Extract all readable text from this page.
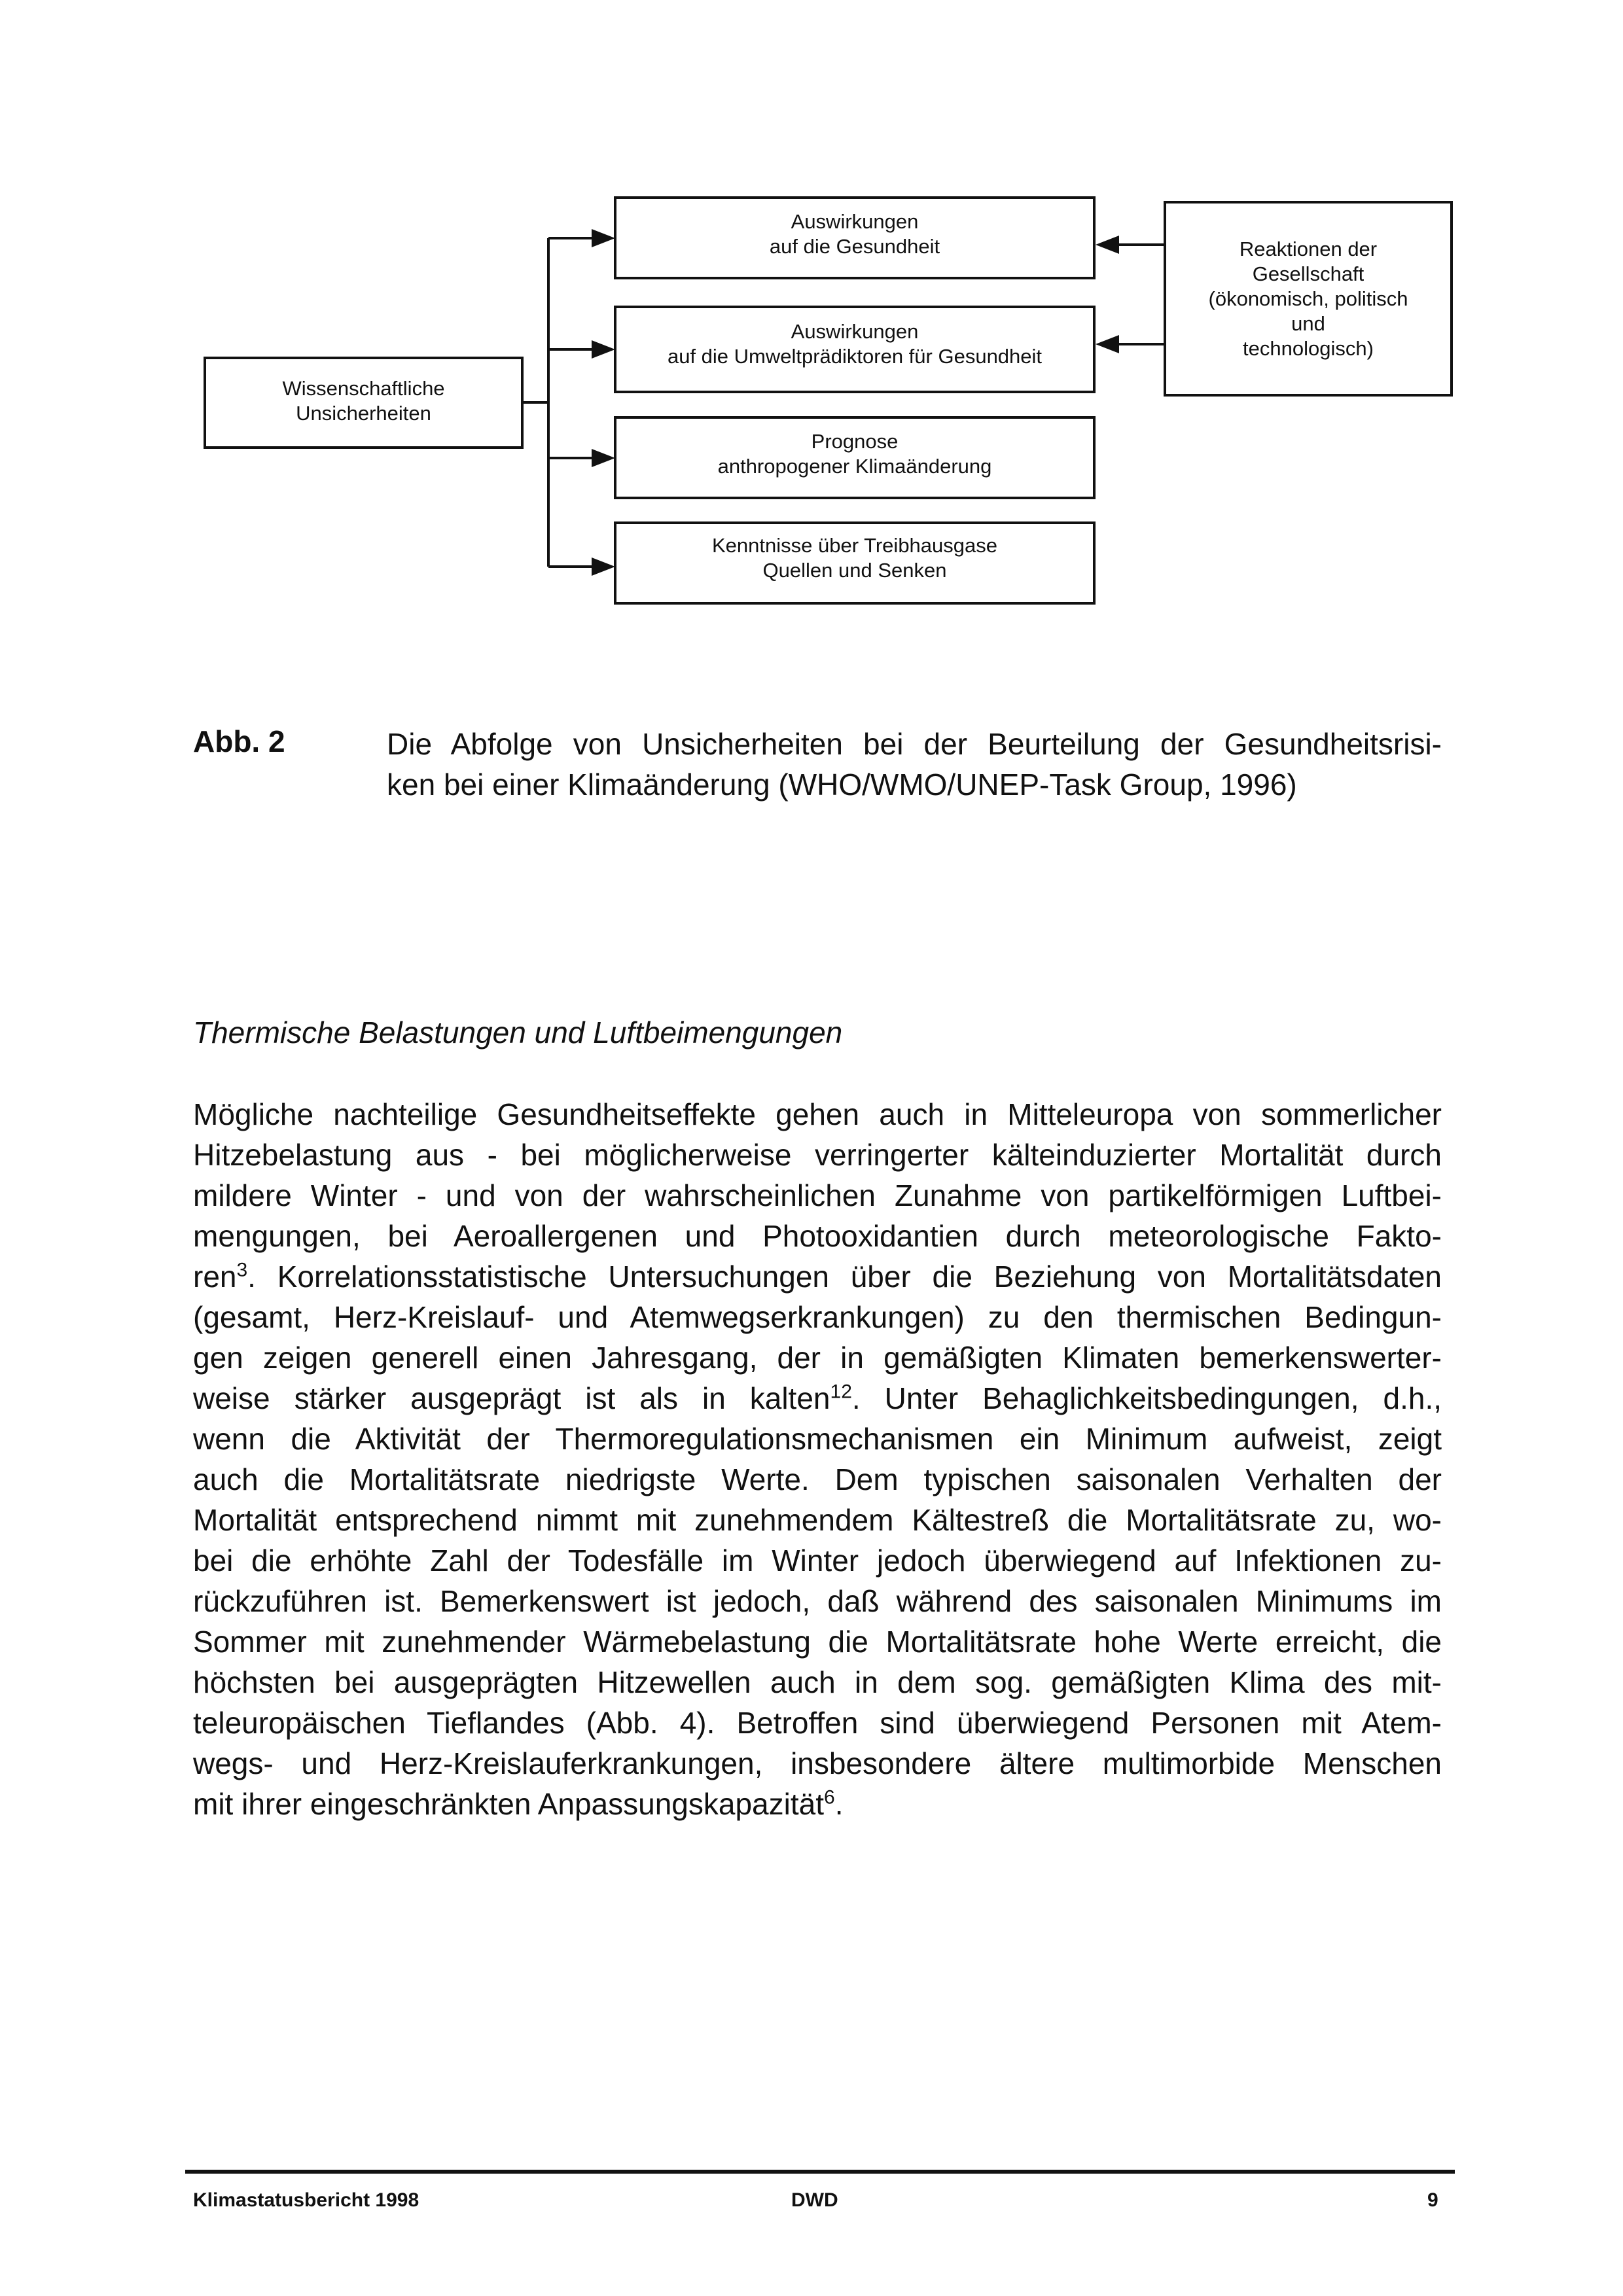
Wissenschaftliche
Unsicherheiten
Auswirkungen
auf die Gesundheit
Auswirkungen
auf die Umweltprädiktoren für Gesundheit
Prognose
anthropogener Klimaänderung
Kenntnisse über Treibhausgase
Quellen und Senken
Reaktionen der
Gesellschaft
(ökonomisch, politisch
und
technologisch)
Abb. 2	Die Abfolge von Unsicherheiten bei der Beurteilung der Gesundheitsrisi-
ken bei einer Klimaänderung (WHO/WMO/UNEP-Task Group, 1996)
Thermische Belastungen und Luftbeimengungen
Mögliche nachteilige Gesundheitseffekte gehen auch in Mitteleuropa von sommerlicher
Hitzebelastung aus - bei möglicherweise verringerter kälteinduzierter Mortalität durch
mildere Winter - und von der wahrscheinlichen Zunahme von partikelförmigen Luftbei-
mengungen, bei Aeroallergenen und Photooxidantien durch meteorologische Fakto-
ren$^3$. Korrelationsstatistische Untersuchungen über die Beziehung von Mortalitätsdaten
(gesamt, Herz-Kreislauf- und Atemwegserkrankungen) zu den thermischen Bedingun-
gen zeigen generell einen Jahresgang, der in gemäßigten Klimaten bemerkenswerter-
weise stärker ausgeprägt ist als in kalten$^{12}$. Unter Behaglichkeitsbedingungen, d.h.,
wenn die Aktivität der Thermoregulationsmechanismen ein Minimum aufweist, zeigt
auch die Mortalitätsrate niedrigste Werte. Dem typischen saisonalen Verhalten der
Mortalität entsprechend nimmt mit zunehmendem Kältestreß die Mortalitätsrate zu, wo-
bei die erhöhte Zahl der Todesfälle im Winter jedoch überwiegend auf Infektionen zu-
rückzuführen ist. Bemerkenswert ist jedoch, daß während des saisonalen Minimums im
Sommer mit zunehmender Wärmebelastung die Mortalitätsrate hohe Werte erreicht, die
höchsten bei ausgeprägten Hitzewellen auch in dem sog. gemäßigten Klima des mit-
teleuropäischen Tieflandes (Abb. 4). Betroffen sind überwiegend Personen mit Atem-
wegs- und Herz-Kreislauferkrankungen, insbesondere ältere multimorbide Menschen
mit ihrer eingeschränkten Anpassungskapazität$^6$.
Klimastatusbericht 1998	DWD	9
